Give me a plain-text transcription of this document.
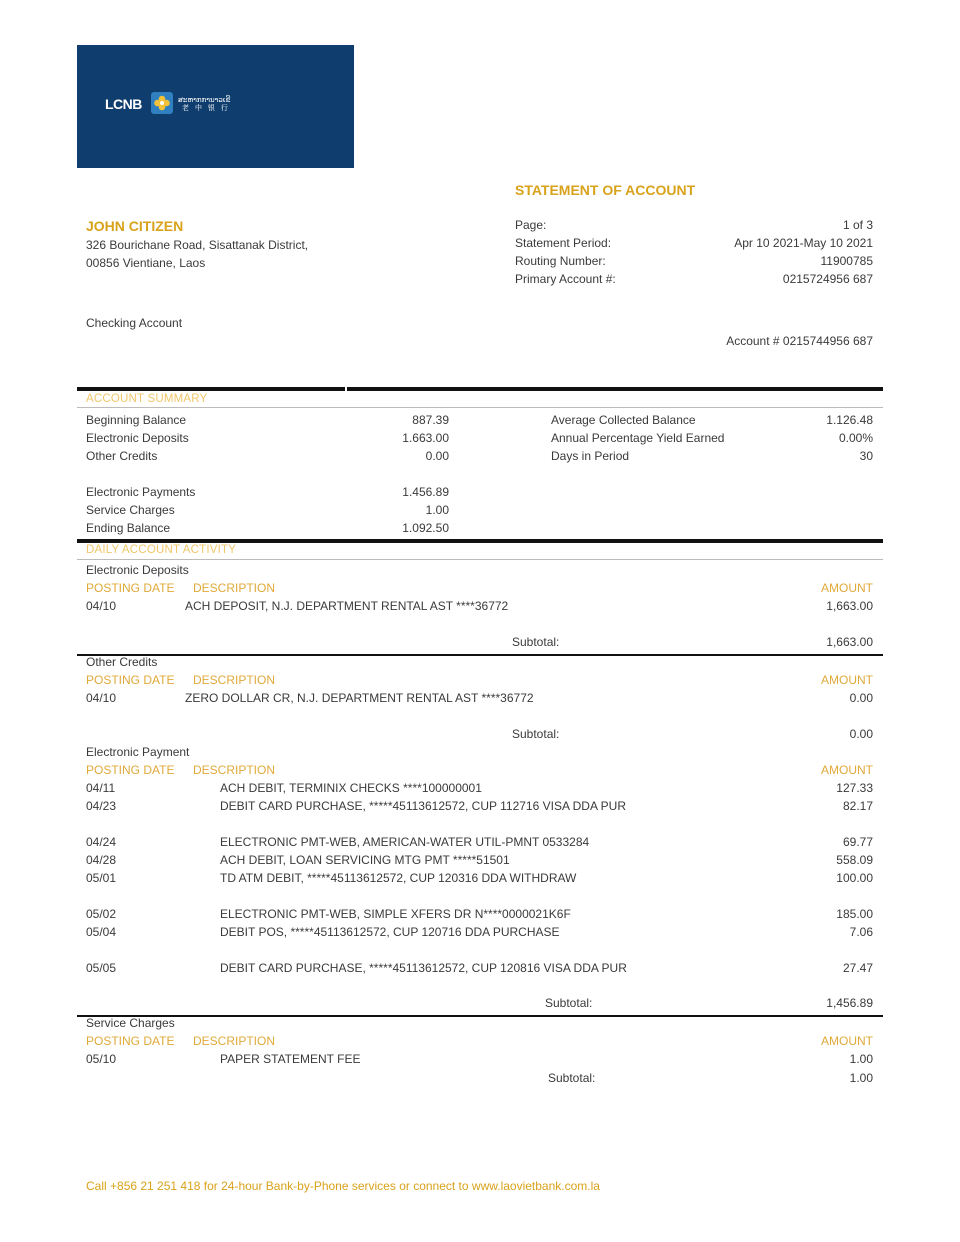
LCNB	ສະຫາກການາວເຂີ
老 中 银 行
STATEMENT OF ACCOUNT
JOHN CITIZEN
326 Bourichane Road, Sisattanak District,
00856 Vientiane, Laos
Page:	1 of 3
Statement Period:	Apr 10 2021-May 10 2021
Routing Number:	11900785
Primary Account #:	0215724956 687
Checking Account
Account # 0215744956 687
ACCOUNT SUMMARY
Beginning Balance	887.39
Electronic Deposits	1.663.00
Other Credits	0.00
Electronic Payments	1.456.89
Service Charges	1.00
Ending Balance	1.092.50
Average Collected Balance	1.126.48
Annual Percentage Yield Earned	0.00%
Days in Period	30
DAILY ACCOUNT ACTIVITY
Electronic Deposits
POSTING DATE DESCRIPTION	AMOUNT
04/10	ACH DEPOSIT, N.J. DEPARTMENT RENTAL AST ****36772	1,663.00
Subtotal:	1,663.00
Other Credits
POSTING DATE DESCRIPTION	AMOUNT
04/10	ZERO DOLLAR CR, N.J. DEPARTMENT RENTAL AST ****36772	0.00
Subtotal:	0.00
Electronic Payment
POSTING DATE DESCRIPTION	AMOUNT
04/11	ACH DEBIT, TERMINIX CHECKS ****100000001	127.33
04/23	DEBIT CARD PURCHASE, *****45113612572, CUP 112716 VISA DDA PUR	82.17
04/24	ELECTRONIC PMT-WEB, AMERICAN-WATER UTIL-PMNT 0533284	69.77
04/28	ACH DEBIT, LOAN SERVICING MTG PMT *****51501	558.09
05/01	TD ATM DEBIT, *****45113612572, CUP 120316 DDA WITHDRAW	100.00
05/02	ELECTRONIC PMT-WEB, SIMPLE XFERS DR N****0000021K6F	185.00
05/04	DEBIT POS, *****45113612572, CUP 120716 DDA PURCHASE	7.06
05/05	DEBIT CARD PURCHASE, *****45113612572, CUP 120816 VISA DDA PUR	27.47
Subtotal:	1,456.89
Service Charges
POSTING DATE DESCRIPTION	AMOUNT
05/10	PAPER STATEMENT FEE	1.00
Subtotal:	1.00
Call +856 21 251 418 for 24-hour Bank-by-Phone services or connect to www.laovietbank.com.la
